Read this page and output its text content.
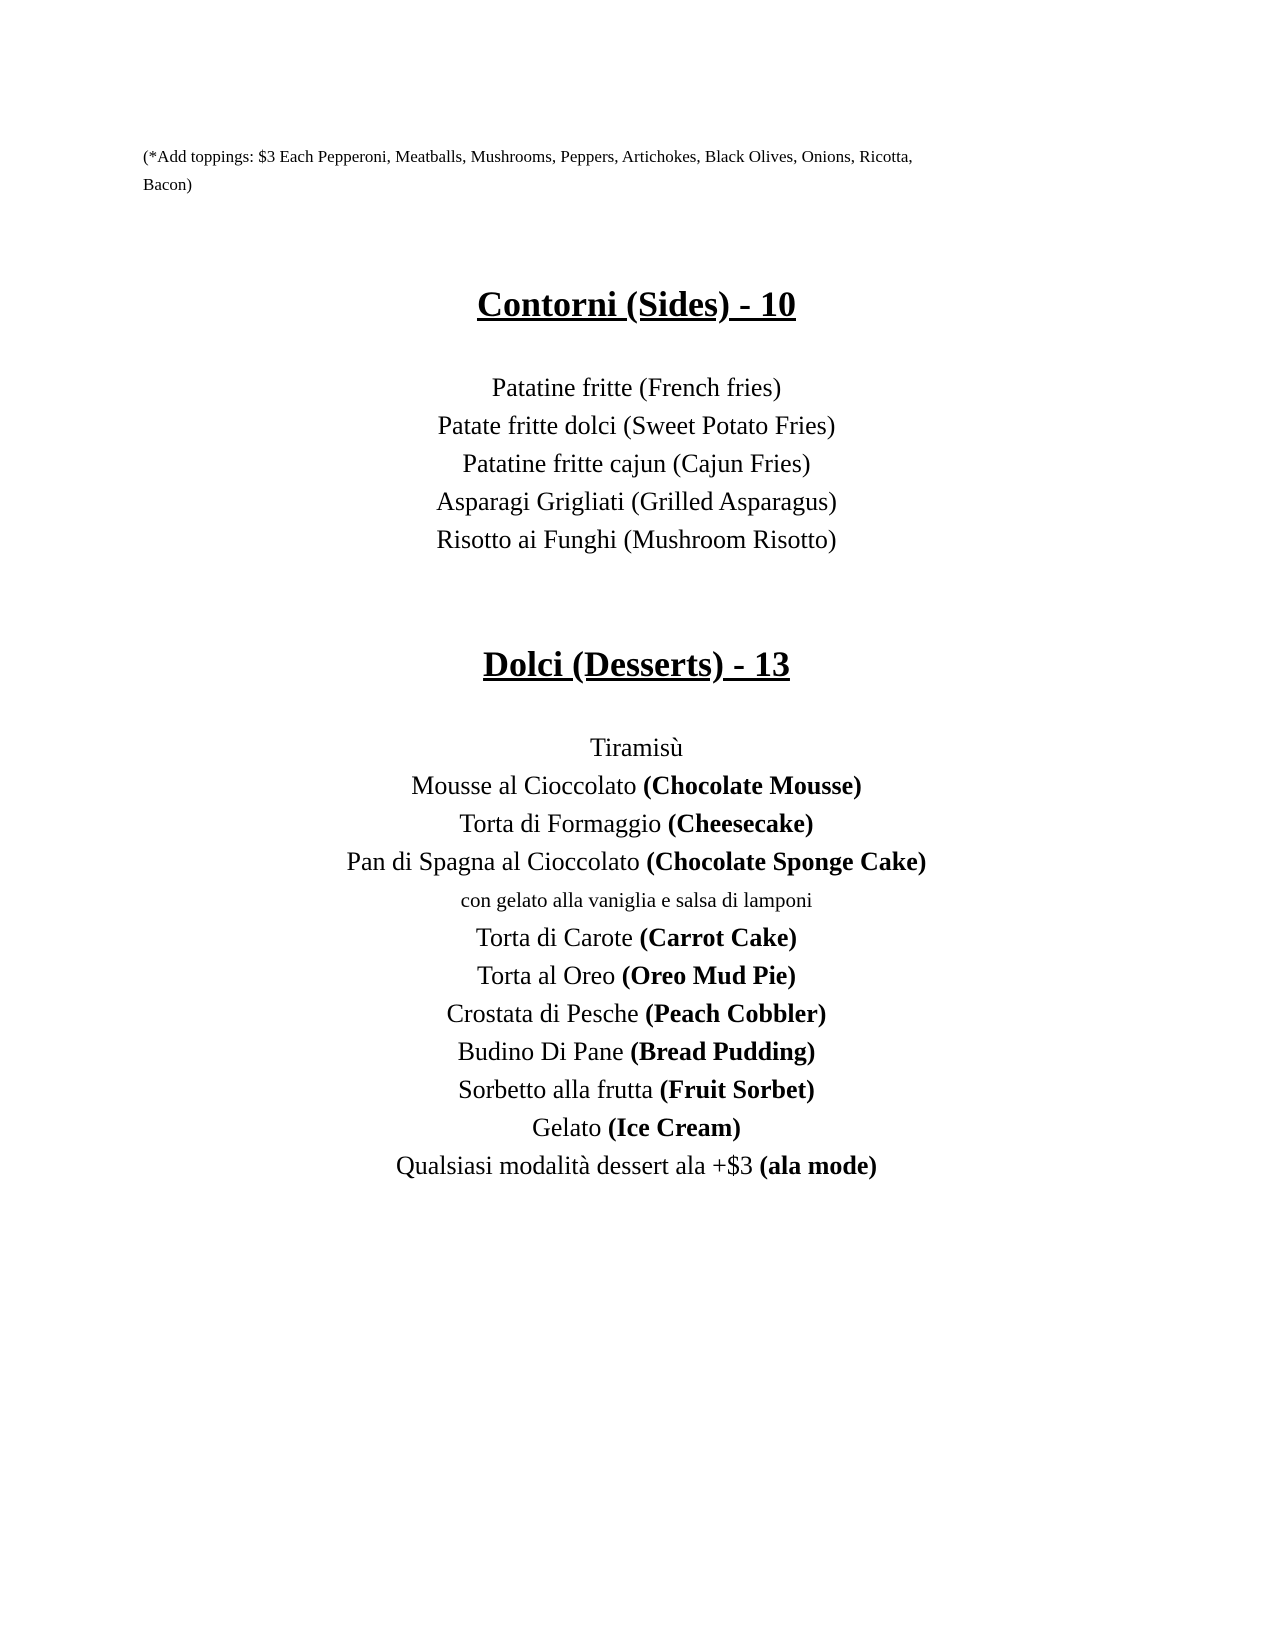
(*Add toppings: $3 Each Pepperoni, Meatballs, Mushrooms, Peppers, Artichokes, Black Olives, Onions, Ricotta,
Bacon)

Contorni (Sides) - 10
Patatine fritte (French fries)
Patate fritte dolci (Sweet Potato Fries)
Patatine fritte cajun (Cajun Fries)
Asparagi Grigliati (Grilled Asparagus)
Risotto ai Funghi (Mushroom Risotto)
Dolci (Desserts) - 13
Tiramisù
Mousse al Cioccolato (Chocolate Mousse)
Torta di Formaggio (Cheesecake)
Pan di Spagna al Cioccolato (Chocolate Sponge Cake)
con gelato alla vaniglia e salsa di lamponi
Torta di Carote (Carrot Cake)
Torta al Oreo (Oreo Mud Pie)
Crostata di Pesche (Peach Cobbler)
Budino Di Pane (Bread Pudding)
Sorbetto alla frutta (Fruit Sorbet)
Gelato (Ice Cream)
Qualsiasi modalità dessert ala +$3 (ala mode)
